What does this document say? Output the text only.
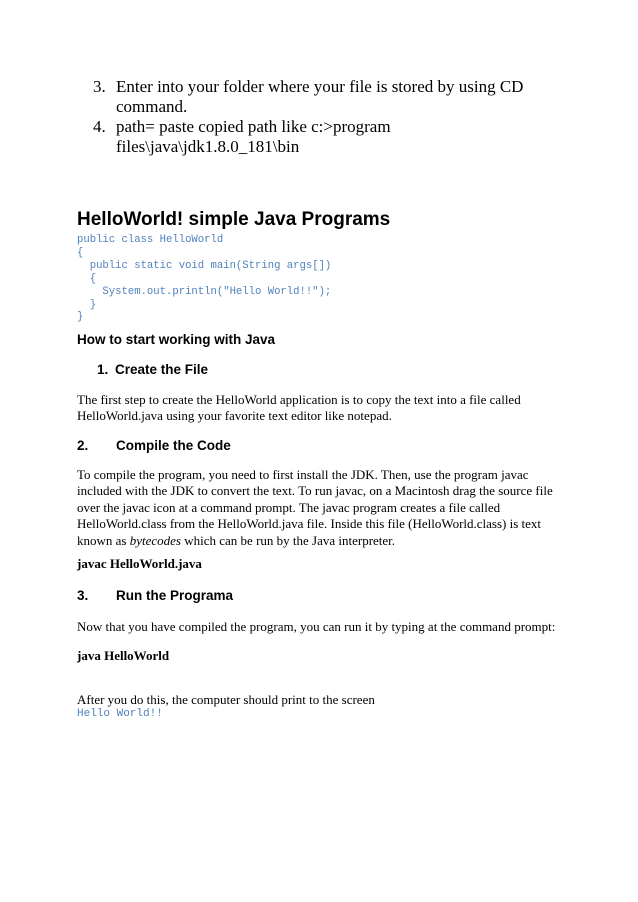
3. Enter into your folder where your file is stored by using CD command.
4. path= paste copied path like c:>program files\java\jdk1.8.0_181\bin
HelloWorld! simple Java Programs
public class HelloWorld
{
public static void main(String args[])
{
System.out.println("Hello World!!");
}
}
How to start working with Java
1. Create the File

The first step to create the HelloWorld application is to copy the text into a file called HelloWorld.java using your favorite text editor like notepad.

2. Compile the Code

To compile the program, you need to first install the JDK. Then, use the program javac included with the JDK to convert the text. To run javac, on a Macintosh drag the source file over the javac icon at a command prompt. The javac program creates a file called HelloWorld.class from the HelloWorld.java file. Inside this file (HelloWorld.class) is text known as bytecodes which can be run by the Java interpreter.

javac HelloWorld.java

3. Run the Programa

Now that you have compiled the program, you can run it by typing at the command prompt:

java HelloWorld

After you do this, the computer should print to the screen

Hello World!!
